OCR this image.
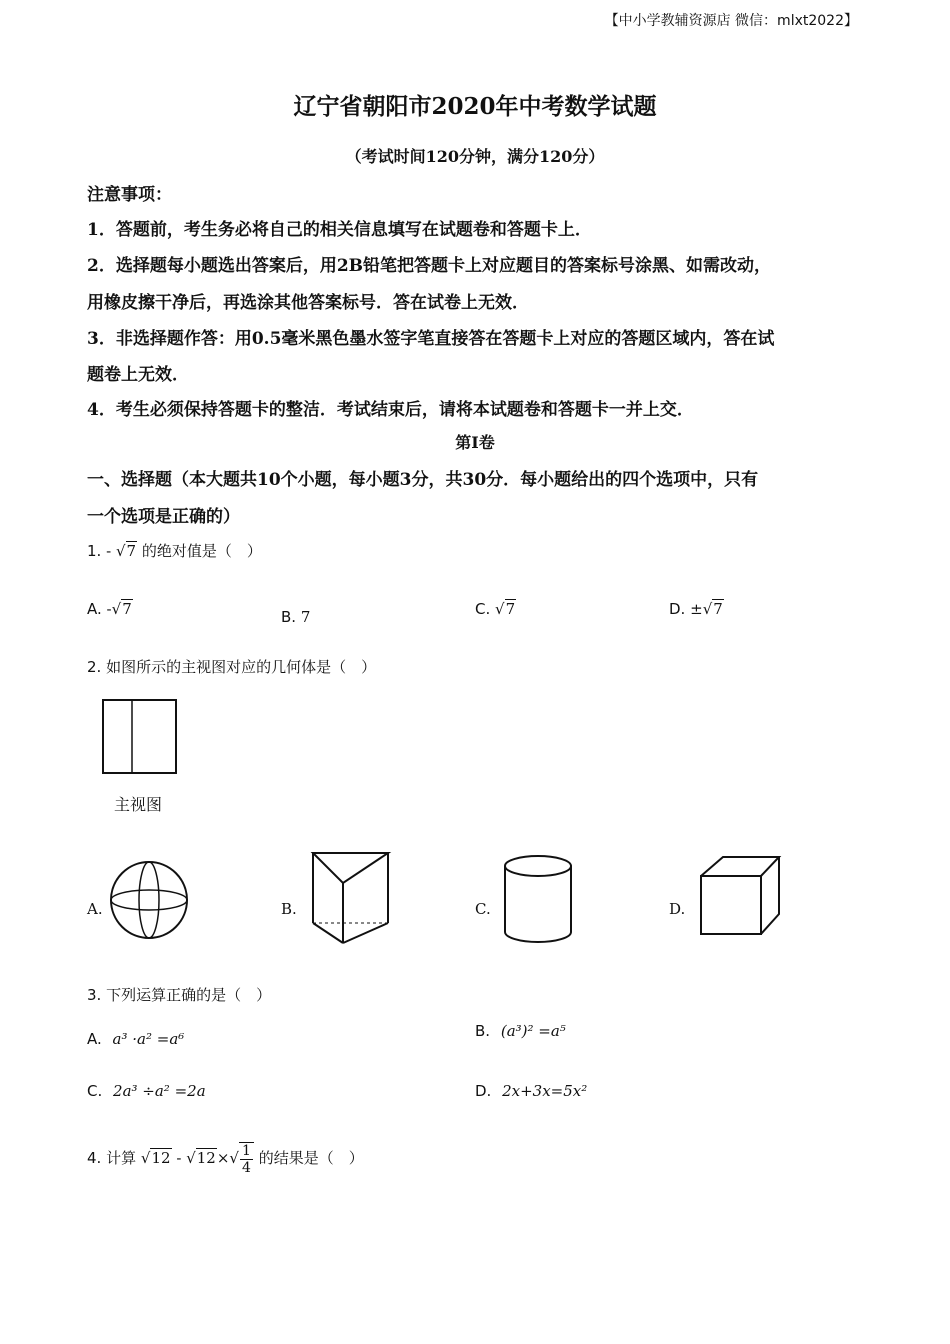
【中小学教辅资源店 微信：mlxt2022】
辽宁省朝阳市2020年中考数学试题
（考试时间120分钟，满分120分）
注意事项：
1．答题前，考生务必将自己的相关信息填写在试题卷和答题卡上．
2．选择题每小题选出答案后，用2B铅笔把答题卡上对应题目的答案标号涂黑、如需改动，
用橡皮擦干净后，再选涂其他答案标号．答在试卷上无效．
3．非选择题作答：用0.5毫米黑色墨水签字笔直接答在答题卡上对应的答题区域内，答在试
题卷上无效．
4．考生必须保持答题卡的整洁．考试结束后，请将本试题卷和答题卡一并上交．
第I卷
一、选择题（本大题共10个小题，每小题3分，共30分．每小题给出的四个选项中，只有
一个选项是正确的）
1. - √7 的绝对值是（　）
A. -√7	B. 7	C. √7	D. ±√7
2. 如图所示的主视图对应的几何体是（　）
主视图
A.	B.	C.	D.
3. 下列运算正确的是（　）
A. a³ ·a² =a⁶	B. (a³)² =a⁵
C. 2a³ ÷a² =2a	D. 2x+3x=5x²
4. 计算 $√12 - √12\times√ \frac{1}{4}$ 的结果是（　）
